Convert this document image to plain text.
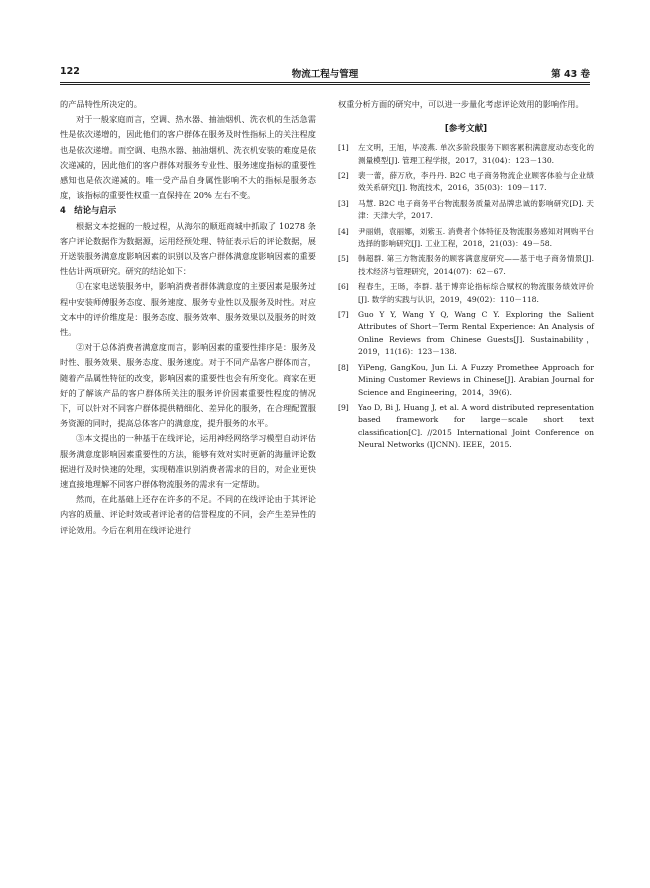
122	物流工程与管理	第 43 卷

的产品特性所决定的。

对于一般家庭而言，空调、热水器、抽油烟机、洗衣机的生活急需性是依次递增的，因此他们的客户群体在服务及时性指标上的关注程度也是依次递增。而空调、电热水器、抽油烟机、洗衣机安装的难度是依次递减的，因此他们的客户群体对服务专业性、服务速度指标的重要性感知也是依次递减的。唯一受产品自身属性影响不大的指标是服务态度，该指标的重要性权重一直保持在 20% 左右不变。

4　结论与启示

根据文本挖掘的一般过程，从海尔的顺逛商城中抓取了 10278 条客户评论数据作为数据源，运用经预处理、特征表示后的评论数据，展开送装服务满意度影响因素的识别以及客户群体满意度影响因素的重要性估计两项研究。研究的结论如下：

①在家电送装服务中，影响消费者群体满意度的主要因素是服务过程中安装师傅服务态度、服务速度、服务专业性以及服务及时性。对应文本中的评价维度是：服务态度、服务效率、服务效果以及服务的时效性。

②对于总体消费者满意度而言，影响因素的重要性排序是：服务及时性、服务效果、服务态度、服务速度。对于不同产品客户群体而言，随着产品属性特征的改变，影响因素的重要性也会有所变化。商家在更好的了解该产品的客户群体所关注的服务评价因素重要性程度的情况下，可以针对不同客户群体提供精细化、差异化的服务，在合理配置服务资源的同时，提高总体客户的满意度，提升服务的水平。

③本文提出的一种基于在线评论，运用神经网络学习模型自动评估服务满意度影响因素重要性的方法，能够有效对实时更新的海量评论数据进行及时快速的处理，实现精准识别消费者需求的目的，对企业更快速直接地理解不同客户群体物流服务的需求有一定帮助。

然而，在此基础上还存在许多的不足。不同的在线评论由于其评论内容的质量、评论时效或者评论者的信誉程度的不同，会产生差异性的评论效用。今后在利用在线评论进行

权重分析方面的研究中，可以进一步量化考虑评论效用的影响作用。

[参考文献]
[1] 左文明，王旭，毕凌燕. 单次多阶段服务下顾客累积满意度动态变化的测量模型[J]. 管理工程学报，2017，31(04)：123－130.
[2] 裴一蕾，薛万欣，李丹丹. B2C 电子商务物流企业顾客体验与企业绩效关系研究[J]. 物流技术，2016，35(03)：109－117.
[3] 马慧. B2C 电子商务平台物流服务质量对品牌忠诚的影响研究[D]. 天津：天津大学，2017.
[4] 尹丽娟，袁丽娜，刘紫玉. 消费者个体特征及物流服务感知对网购平台选择的影响研究[J]. 工业工程，2018，21(03)：49－58.
[5] 韩超群. 第三方物流服务的顾客满意度研究——基于电子商务情景[J]. 技术经济与管理研究，2014(07)：62－67.
[6] 程春生，王旸，李群. 基于博弈论指标综合赋权的物流服务绩效评价[J]. 数学的实践与认识，2019，49(02)：110－118.
[7] Guo Y Y, Wang Y Q, Wang C Y. Exploring the Salient Attributes of Short－Term Rental Experience: An Analysis of Online Reviews from Chinese Guests[J]. Sustainability，2019，11(16)：123－138.
[8] YiPeng, GangKou, Jun Li. A Fuzzy Promethee Approach for Mining Customer Reviews in Chinese[J]. Arabian Journal for Science and Engineering，2014，39(6).
[9] Yao D, Bi J, Huang J, et al. A word distributed representation based framework for large－scale short text classification[C]. //2015 International Joint Conference on Neural Networks (IJCNN). IEEE，2015.
